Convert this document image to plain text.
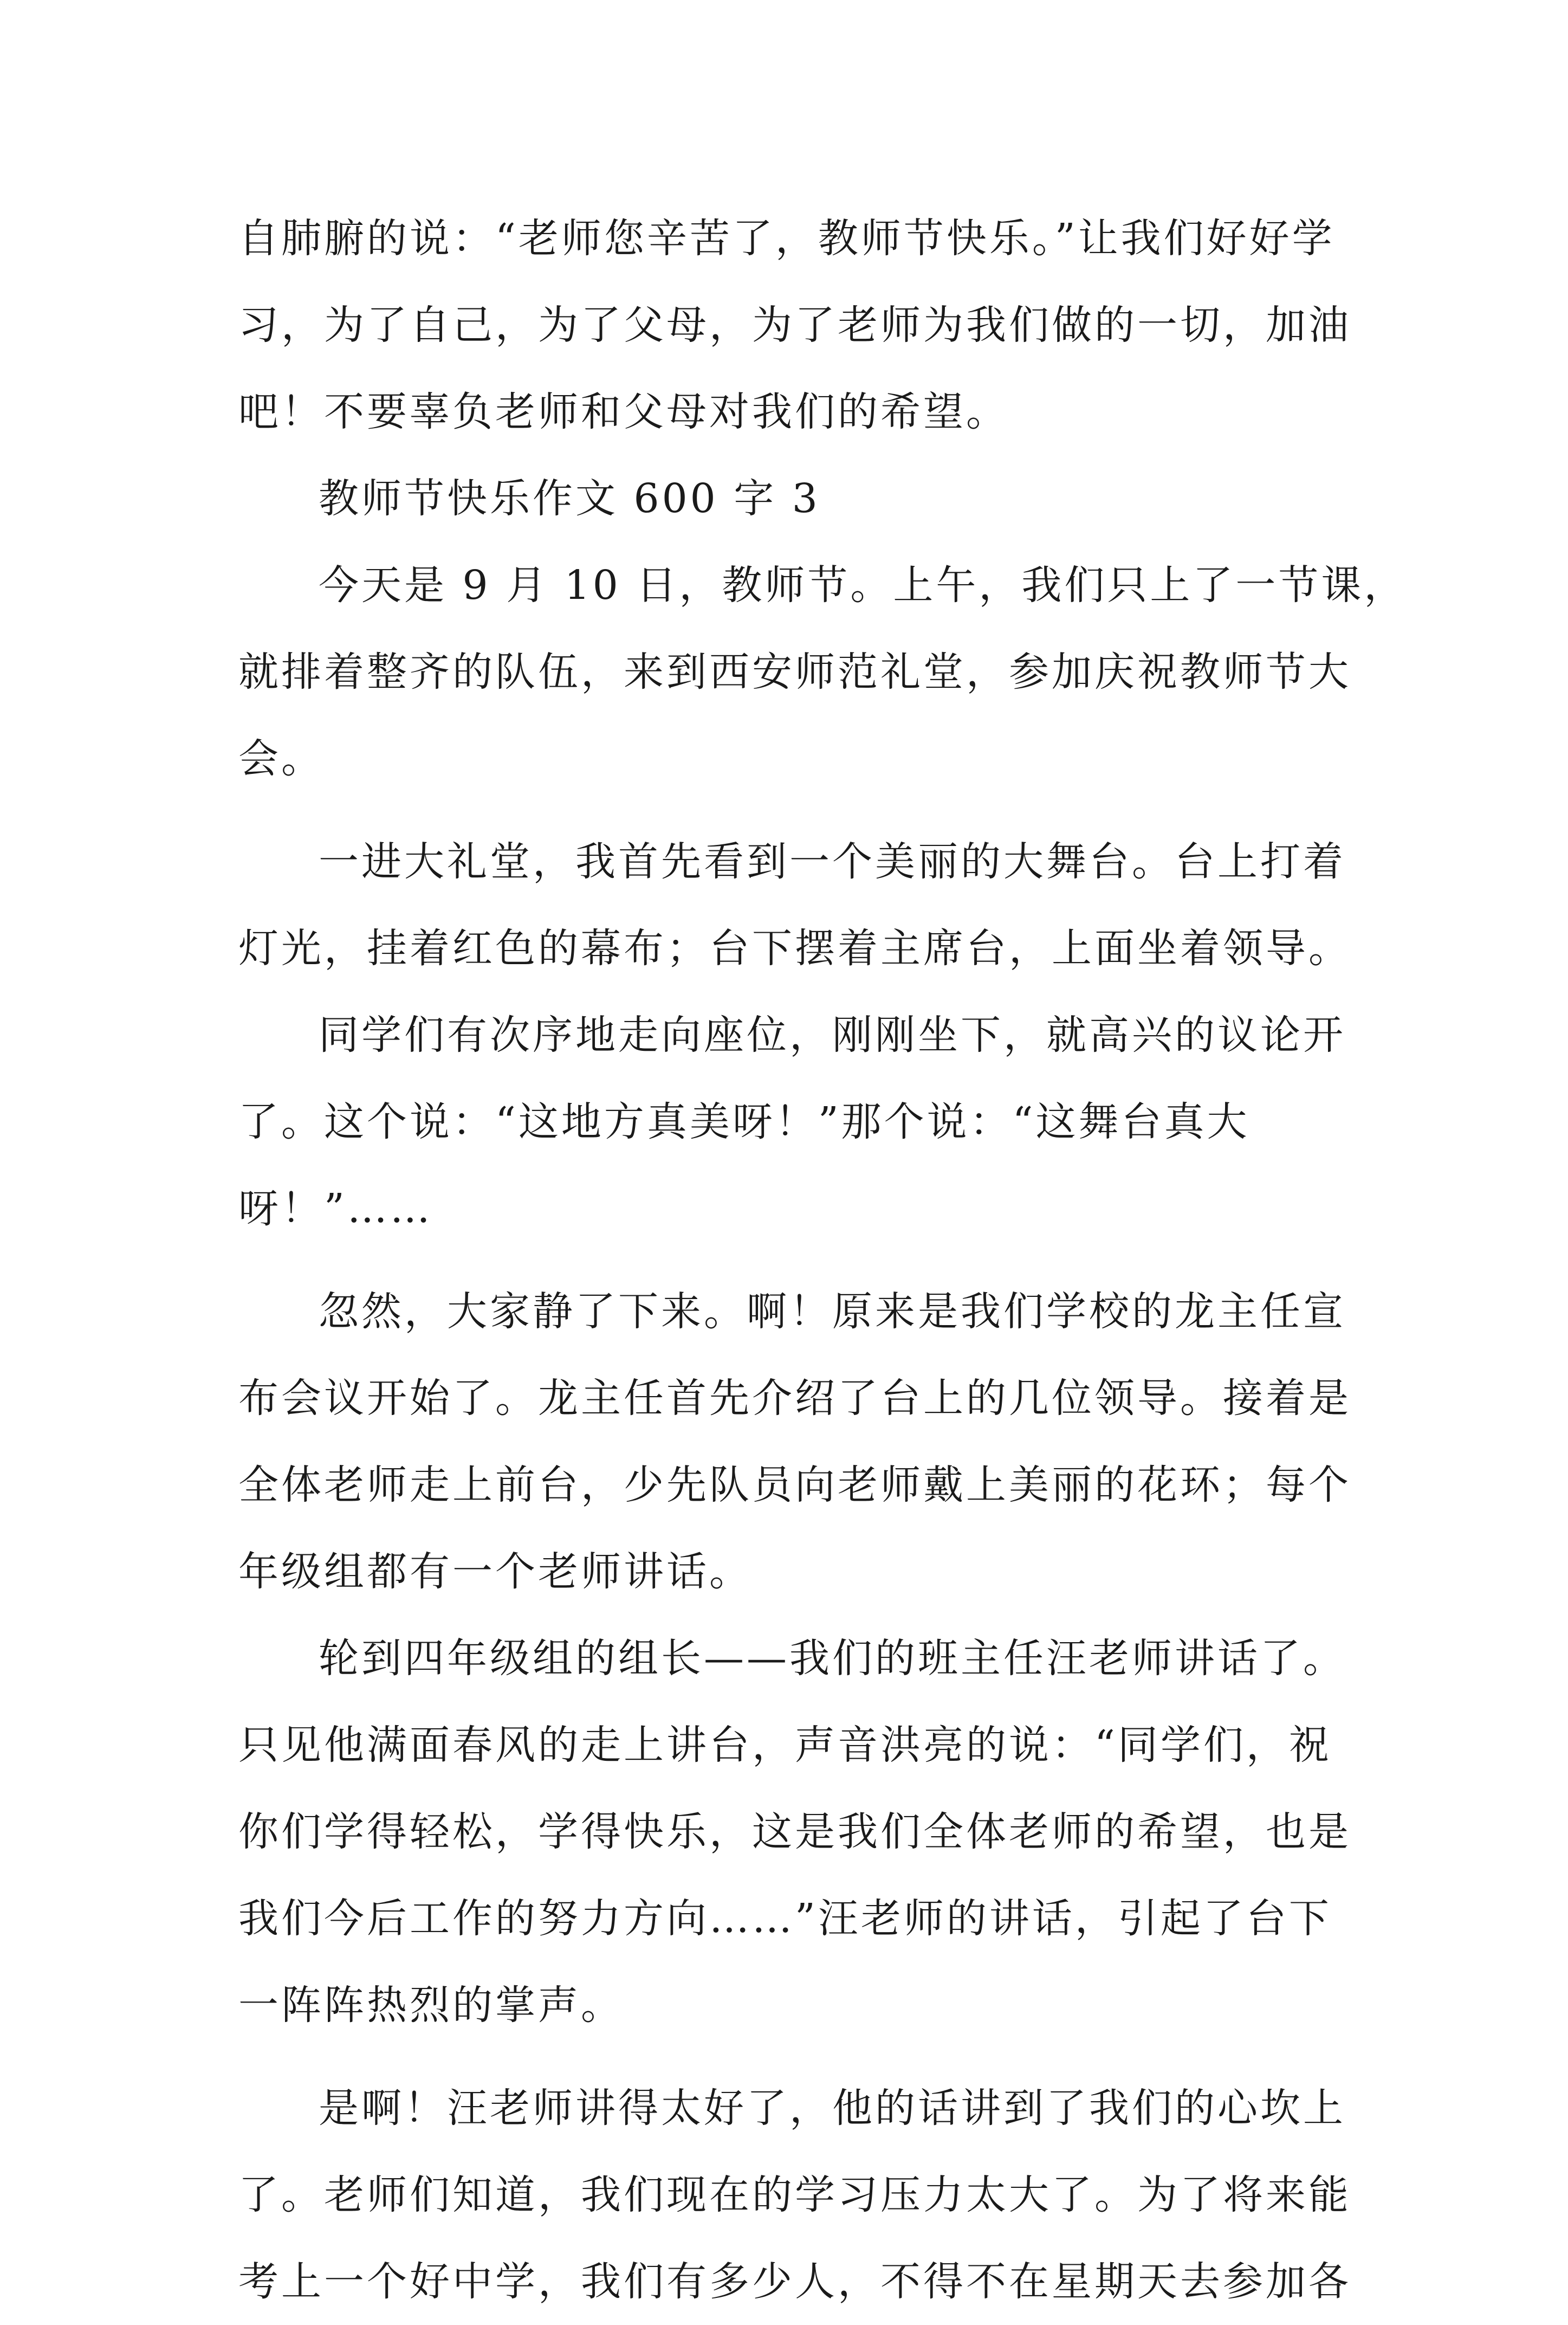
自肺腑的说：“老师您辛苦了，教师节快乐。”让我们好好学
习，为了自己，为了父母，为了老师为我们做的一切，加油
吧！不要辜负老师和父母对我们的希望。
教师节快乐作文 600 字 3
今天是 9 月 10 日，教师节。上午，我们只上了一节课，
就排着整齐的队伍，来到西安师范礼堂，参加庆祝教师节大
会。
一进大礼堂，我首先看到一个美丽的大舞台。台上打着
灯光，挂着红色的幕布；台下摆着主席台，上面坐着领导。
同学们有次序地走向座位，刚刚坐下，就高兴的议论开
了。这个说：“这地方真美呀！”那个说：“这舞台真大
呀！”……
忽然，大家静了下来。啊！原来是我们学校的龙主任宣
布会议开始了。龙主任首先介绍了台上的几位领导。接着是
全体老师走上前台，少先队员向老师戴上美丽的花环；每个
年级组都有一个老师讲话。
轮到四年级组的组长——我们的班主任汪老师讲话了。
只见他满面春风的走上讲台，声音洪亮的说：“同学们，祝
你们学得轻松，学得快乐，这是我们全体老师的希望，也是
我们今后工作的努力方向……”汪老师的讲话，引起了台下
一阵阵热烈的掌声。
是啊！汪老师讲得太好了，他的话讲到了我们的心坎上
了。老师们知道，我们现在的学习压力太大了。为了将来能
考上一个好中学，我们有多少人，不得不在星期天去参加各
